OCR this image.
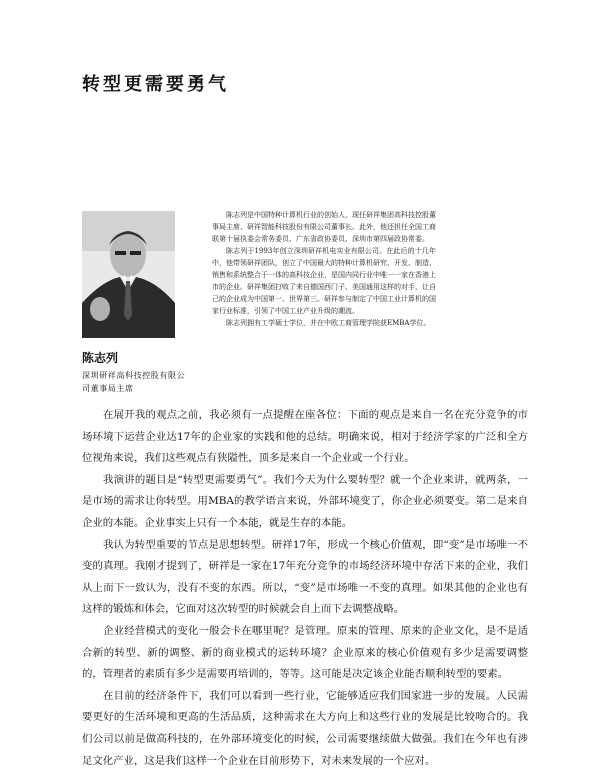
转型更需要勇气
陈志列
深圳研祥高科技控股有限公司董事局主席

陈志列是中国特种计算机行业的创始人，现任研祥集团高科技控股董事局主席、研祥智能科技股份有限公司董事长。此外，他还担任全国工商联第十届执委会常务委员、广东省政协委员、深圳市第四届政协常委。

陈志列于1993年创立深圳研祥机电实业有限公司。在此后的十几年中，他带领研祥团队，创立了中国最大的特种计算机研究、开发、制造、销售和系统整合于一体的高科技企业，是国内同行业中唯一一家在香港上市的企业。研祥集团打败了来自德国西门子、美国通用这样的对手，让自己的企业成为中国第一、世界第三。研祥参与制定了中国工业计算机的国家行业标准，引领了中国工业产业升级的潮流。

陈志列拥有工学硕士学位，并在中欧工商管理学院获EMBA学位。

在展开我的观点之前，我必须有一点提醒在座各位：下面的观点是来自一名在充分竞争的市场环境下运营企业达17年的企业家的实践和他的总结。明确来说，相对于经济学家的广泛和全方位视角来说，我们这些观点有狭隘性，顶多是来自一个企业或一个行业。

我演讲的题目是“转型更需要勇气”。我们今天为什么要转型？就一个企业来讲，就两条，一是市场的需求让你转型。用MBA的教学语言来说，外部环境变了，你企业必须要变。第二是来自企业的本能。企业事实上只有一个本能，就是生存的本能。

我认为转型重要的节点是思想转型。研祥17年，形成一个核心价值观，即“变”是市场唯一不变的真理。我刚才提到了，研祥是一家在17年充分竞争的市场经济环境中存活下来的企业，我们从上而下一致认为，没有不变的东西。所以，“变”是市场唯一不变的真理。如果其他的企业也有这样的锻炼和体会，它面对这次转型的时候就会自上而下去调整战略。

企业经营模式的变化一般会卡在哪里呢？是管理。原来的管理、原来的企业文化，是不是适合新的转型、新的调整、新的商业模式的运转环境？企业原来的核心价值观有多少是需要调整的，管理者的素质有多少是需要再培训的，等等。这可能是决定该企业能否顺利转型的要素。

在目前的经济条件下，我们可以看到一些行业，它能够适应我们国家进一步的发展。人民需要更好的生活环境和更高的生活品质，这种需求在大方向上和这些行业的发展是比较吻合的。我们公司以前是做高科技的，在外部环境变化的时候，公司需要继续做大做强。我们在今年也有涉足文化产业，这是我们这样一个企业在目前形势下，对未来发展的一个应对。
